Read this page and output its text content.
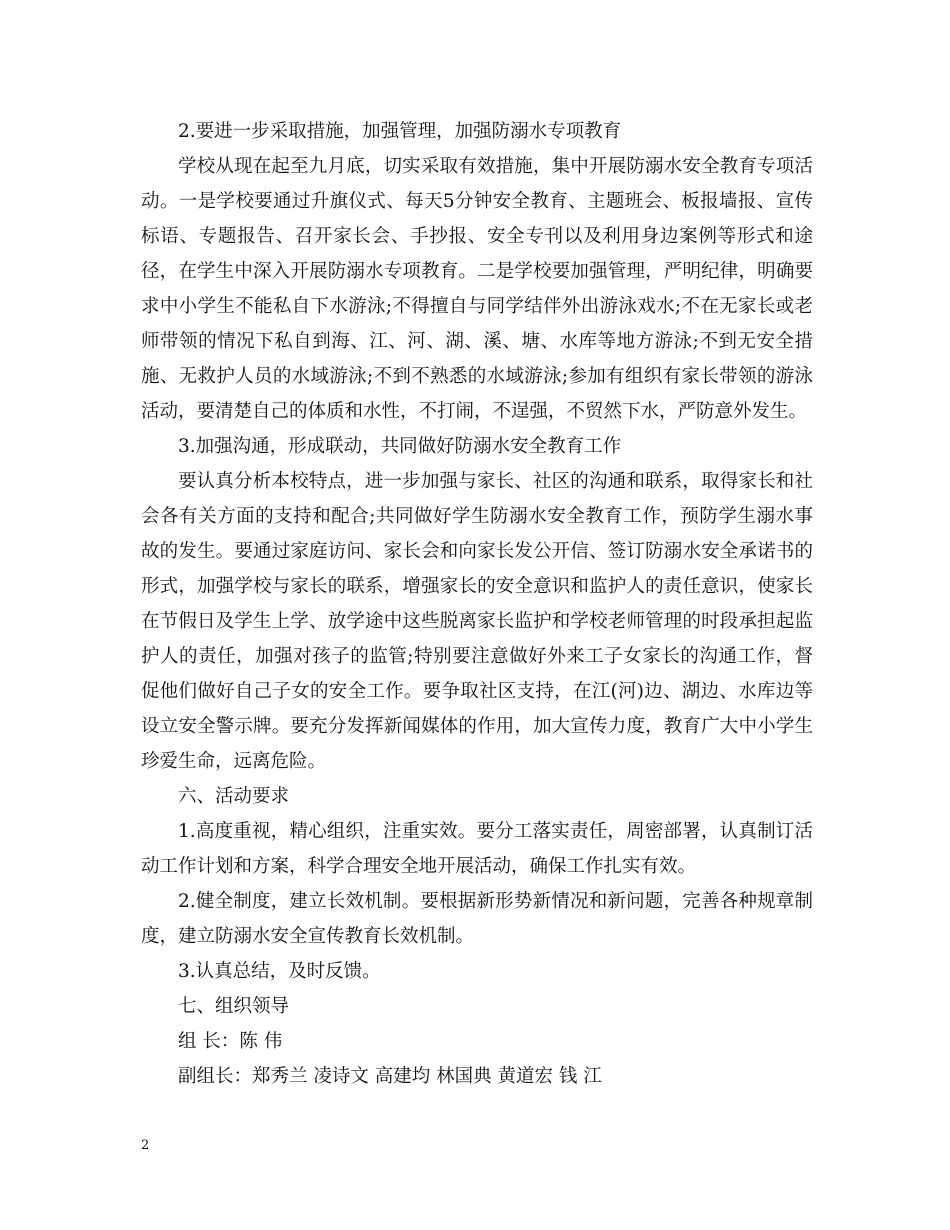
2.要进一步采取措施，加强管理，加强防溺水专项教育

学校从现在起至九月底，切实采取有效措施，集中开展防溺水安全教育专项活动。一是学校要通过升旗仪式、每天5分钟安全教育、主题班会、板报墙报、宣传标语、专题报告、召开家长会、手抄报、安全专刊以及利用身边案例等形式和途径，在学生中深入开展防溺水专项教育。二是学校要加强管理，严明纪律，明确要求中小学生不能私自下水游泳;不得擅自与同学结伴外出游泳戏水;不在无家长或老师带领的情况下私自到海、江、河、湖、溪、塘、水库等地方游泳;不到无安全措施、无救护人员的水域游泳;不到不熟悉的水域游泳;参加有组织有家长带领的游泳活动，要清楚自己的体质和水性，不打闹，不逞强，不贸然下水，严防意外发生。

3.加强沟通，形成联动，共同做好防溺水安全教育工作

要认真分析本校特点，进一步加强与家长、社区的沟通和联系，取得家长和社会各有关方面的支持和配合;共同做好学生防溺水安全教育工作，预防学生溺水事故的发生。要通过家庭访问、家长会和向家长发公开信、签订防溺水安全承诺书的形式，加强学校与家长的联系，增强家长的安全意识和监护人的责任意识，使家长在节假日及学生上学、放学途中这些脱离家长监护和学校老师管理的时段承担起监护人的责任，加强对孩子的监管;特别要注意做好外来工子女家长的沟通工作，督促他们做好自己子女的安全工作。要争取社区支持，在江(河)边、湖边、水库边等设立安全警示牌。要充分发挥新闻媒体的作用，加大宣传力度，教育广大中小学生珍爱生命，远离危险。

六、活动要求

1.高度重视，精心组织，注重实效。要分工落实责任，周密部署，认真制订活动工作计划和方案，科学合理安全地开展活动，确保工作扎实有效。

2.健全制度，建立长效机制。要根据新形势新情况和新问题，完善各种规章制度，建立防溺水安全宣传教育长效机制。

3.认真总结，及时反馈。

七、组织领导

组 长：陈 伟

副组长：郑秀兰 凌诗文 高建均 林国典 黄道宏 钱 江

2
